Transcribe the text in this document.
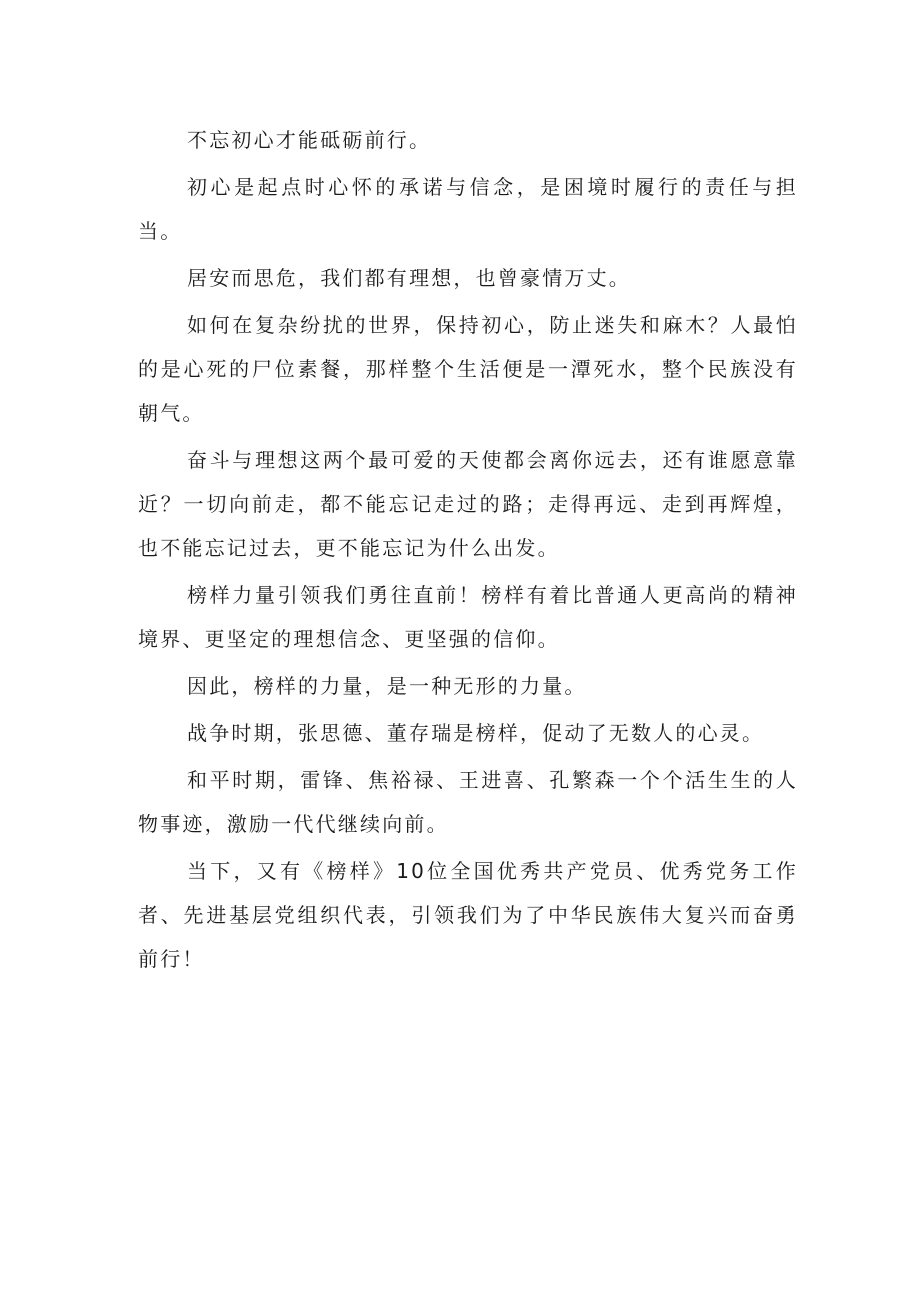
不忘初心才能砥砺前行。

初心是起点时心怀的承诺与信念，是困境时履行的责任与担当。

居安而思危，我们都有理想，也曾豪情万丈。

如何在复杂纷扰的世界，保持初心，防止迷失和麻木？人最怕的是心死的尸位素餐，那样整个生活便是一潭死水，整个民族没有朝气。

奋斗与理想这两个最可爱的天使都会离你远去，还有谁愿意靠近？一切向前走，都不能忘记走过的路；走得再远、走到再辉煌，也不能忘记过去，更不能忘记为什么出发。

榜样力量引领我们勇往直前！榜样有着比普通人更高尚的精神境界、更坚定的理想信念、更坚强的信仰。

因此，榜样的力量，是一种无形的力量。

战争时期，张思德、董存瑞是榜样，促动了无数人的心灵。

和平时期，雷锋、焦裕禄、王进喜、孔繁森一个个活生生的人物事迹，激励一代代继续向前。

当下，又有《榜样》10位全国优秀共产党员、优秀党务工作者、先进基层党组织代表，引领我们为了中华民族伟大复兴而奋勇前行！
